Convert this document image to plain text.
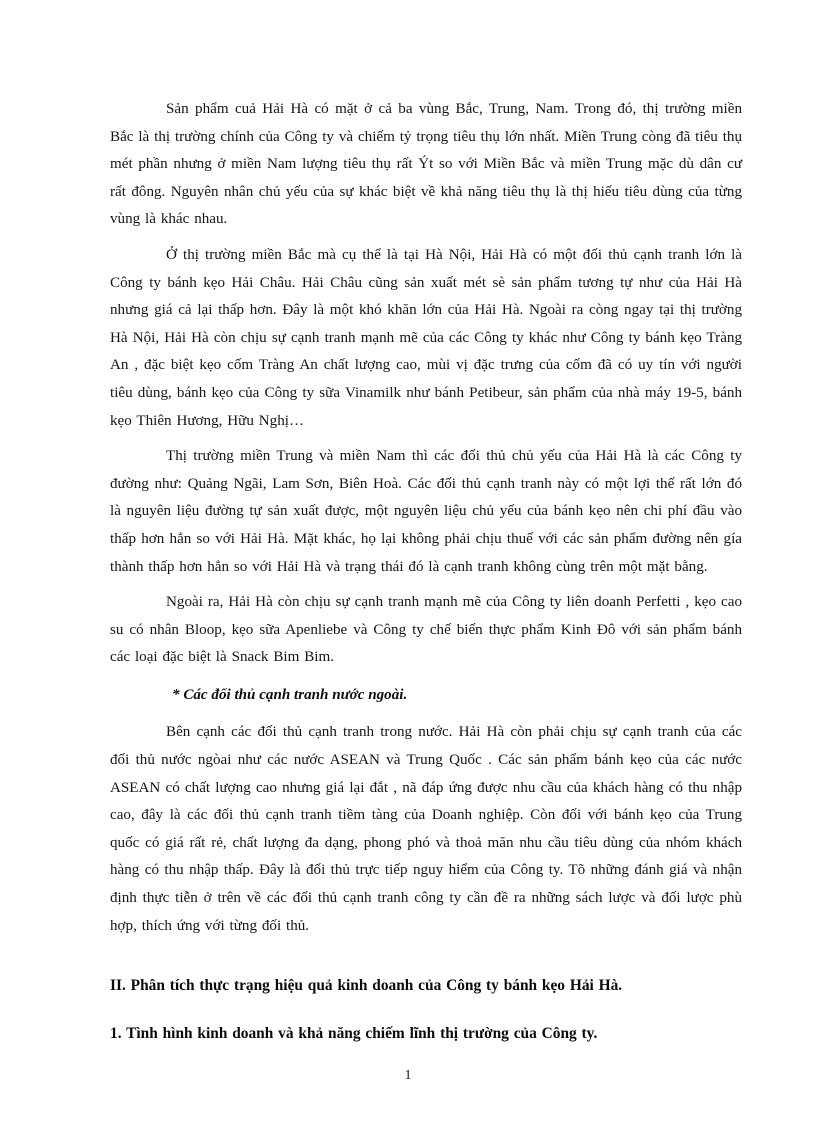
Sản phẩm cuả Hải Hà có mặt ở cả ba vùng Bắc, Trung, Nam. Trong đó, thị trường miền Bắc là thị trường chính của Công ty và chiếm tỷ trọng tiêu thụ lớn nhất. Miền Trung còng đã tiêu thụ mét phần nhưng ở miền Nam lượng tiêu thụ rất Ýt so với Miền Bắc và miền Trung mặc dù dân cư rất đông. Nguyên nhân chủ yếu của sự khác biệt về khả năng tiêu thụ là thị hiếu tiêu dùng của từng vùng là khác nhau.

Ở thị trường miền Bắc mà cụ thể là tại Hà Nội, Hải Hà có một đối thủ cạnh tranh lớn là Công ty bánh kẹo Hải Châu. Hải Châu cũng sản xuất mét sè sản phẩm tương tự như của Hải Hà nhưng giá cả lại thấp hơn. Đây là một khó khăn lớn của Hải Hà. Ngoài ra còng ngay tại thị trường Hà Nội, Hải Hà còn chịu sự cạnh tranh mạnh mẽ của các Công ty khác như Công ty bánh kẹo Tràng An , đặc biệt kẹo cốm Tràng An chất lượng cao, mùi vị đặc trưng của cốm đã có uy tín với người tiêu dùng, bánh kẹo của Công ty sữa Vinamilk như bánh Petibeur, sản phẩm của nhà máy 19-5, bánh kẹo Thiên Hương, Hữu Nghị…

Thị trường miền Trung và miền Nam thì các đối thủ chủ yếu của Hải Hà là các Công ty đường như: Quảng Ngãi, Lam Sơn, Biên Hoà. Các đối thủ cạnh tranh này có một lợi thế rất lớn đó là nguyên liệu đường tự sản xuất được, một nguyên liệu chủ yếu của bánh kẹo nên chi phí đầu vào thấp hơn hẳn so với Hải Hà. Mặt khác, họ lại không phải chịu thuế với các sản phẩm đường nên gía thành thấp hơn hẳn so với Hải Hà và trạng thái đó là cạnh tranh không cùng trên một mặt bằng.

Ngoài ra, Hải Hà còn chịu sự cạnh tranh mạnh mẽ của Công ty liên doanh Perfetti , kẹo cao su có nhân Bloop, kẹo sữa Apenliebe và Công ty chế biến thực phẩm Kinh Đô với sản phẩm bánh các loại đặc biệt là Snack Bim Bim.

* Các đối thủ cạnh tranh nước ngoài.

Bên cạnh các đối thủ cạnh tranh trong nước. Hải Hà còn phải chịu sự cạnh tranh của các đối thủ nước ngòai như các nước ASEAN và Trung Quốc . Các sản phẩm bánh kẹo của các nước ASEAN có chất lượng cao nhưng giá lại đắt , nã đáp ứng được nhu cầu của khách hàng có thu nhập cao, đây là các đối thủ cạnh tranh tiềm tàng của Doanh nghiệp. Còn đối với bánh kẹo của Trung quốc có giá rất rẻ, chất lượng đa dạng, phong phó và thoả măn nhu cầu tiêu dùng của nhóm khách hàng có thu nhập thấp. Đây là đối thủ trực tiếp nguy hiểm của Công ty. Tõ những đánh giá và nhận định thực tiễn ở trên về các đối thủ cạnh tranh công ty cần đề ra những sách lược và đối lược phù hợp, thích ứng với từng đối thủ.

II. Phân tích thực trạng hiệu quả kinh doanh của Công ty bánh kẹo Hải Hà.

1. Tình hình kinh doanh và khả năng chiếm lĩnh thị trường của Công ty.

1
